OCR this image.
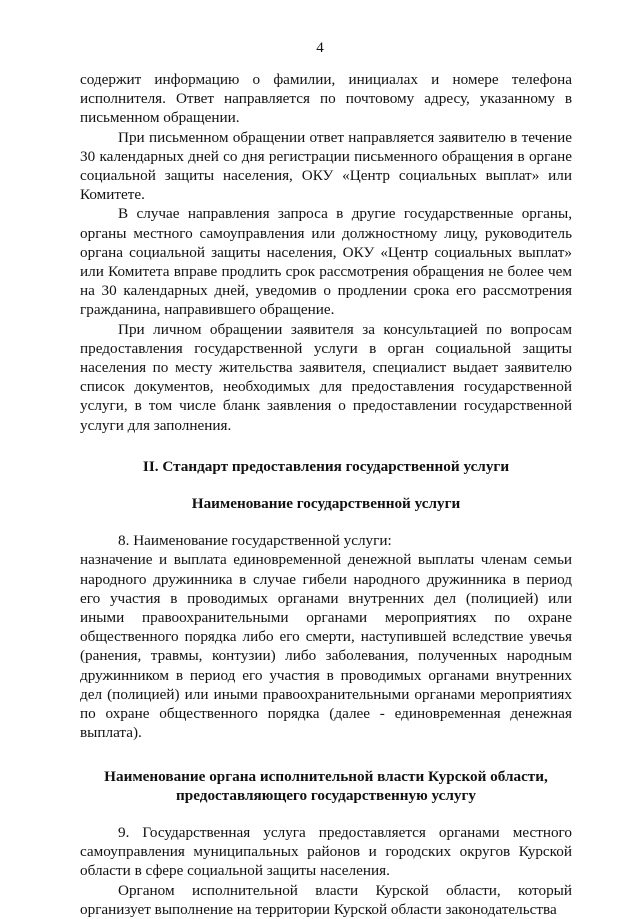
4

содержит информацию о фамилии, инициалах и номере телефона исполнителя. Ответ направляется по почтовому адресу, указанному в письменном обращении.

При письменном обращении ответ направляется заявителю в течение 30 календарных дней со дня регистрации письменного обращения в органе социальной защиты населения, ОКУ «Центр социальных выплат» или Комитете.

В случае направления запроса в другие государственные органы, органы местного самоуправления или должностному лицу, руководитель органа социальной защиты населения, ОКУ «Центр социальных выплат» или Комитета вправе продлить срок рассмотрения обращения не более чем на 30 календарных дней, уведомив о продлении срока его рассмотрения гражданина, направившего обращение.

При личном обращении заявителя за консультацией по вопросам предоставления государственной услуги в орган социальной защиты населения по месту жительства заявителя, специалист выдает заявителю список документов, необходимых для предоставления государственной услуги, в том числе бланк заявления о предоставлении государственной услуги для заполнения.

II. Стандарт предоставления государственной услуги

Наименование государственной услуги

8. Наименование государственной услуги:

назначение и выплата единовременной денежной выплаты членам семьи народного дружинника в случае гибели народного дружинника в период его участия в проводимых органами внутренних дел (полицией) или иными правоохранительными органами мероприятиях по охране общественного порядка либо его смерти, наступившей вследствие увечья (ранения, травмы, контузии) либо заболевания, полученных народным дружинником в период его участия в проводимых органами внутренних дел (полицией) или иными правоохранительными органами мероприятиях по охране общественного порядка (далее - единовременная денежная выплата).

Наименование органа исполнительной власти Курской области,

предоставляющего государственную услугу

9. Государственная услуга предоставляется органами местного самоуправления муниципальных районов и городских округов Курской области в сфере социальной защиты населения.

Органом исполнительной власти Курской области, который организует выполнение на территории Курской области законодательства
